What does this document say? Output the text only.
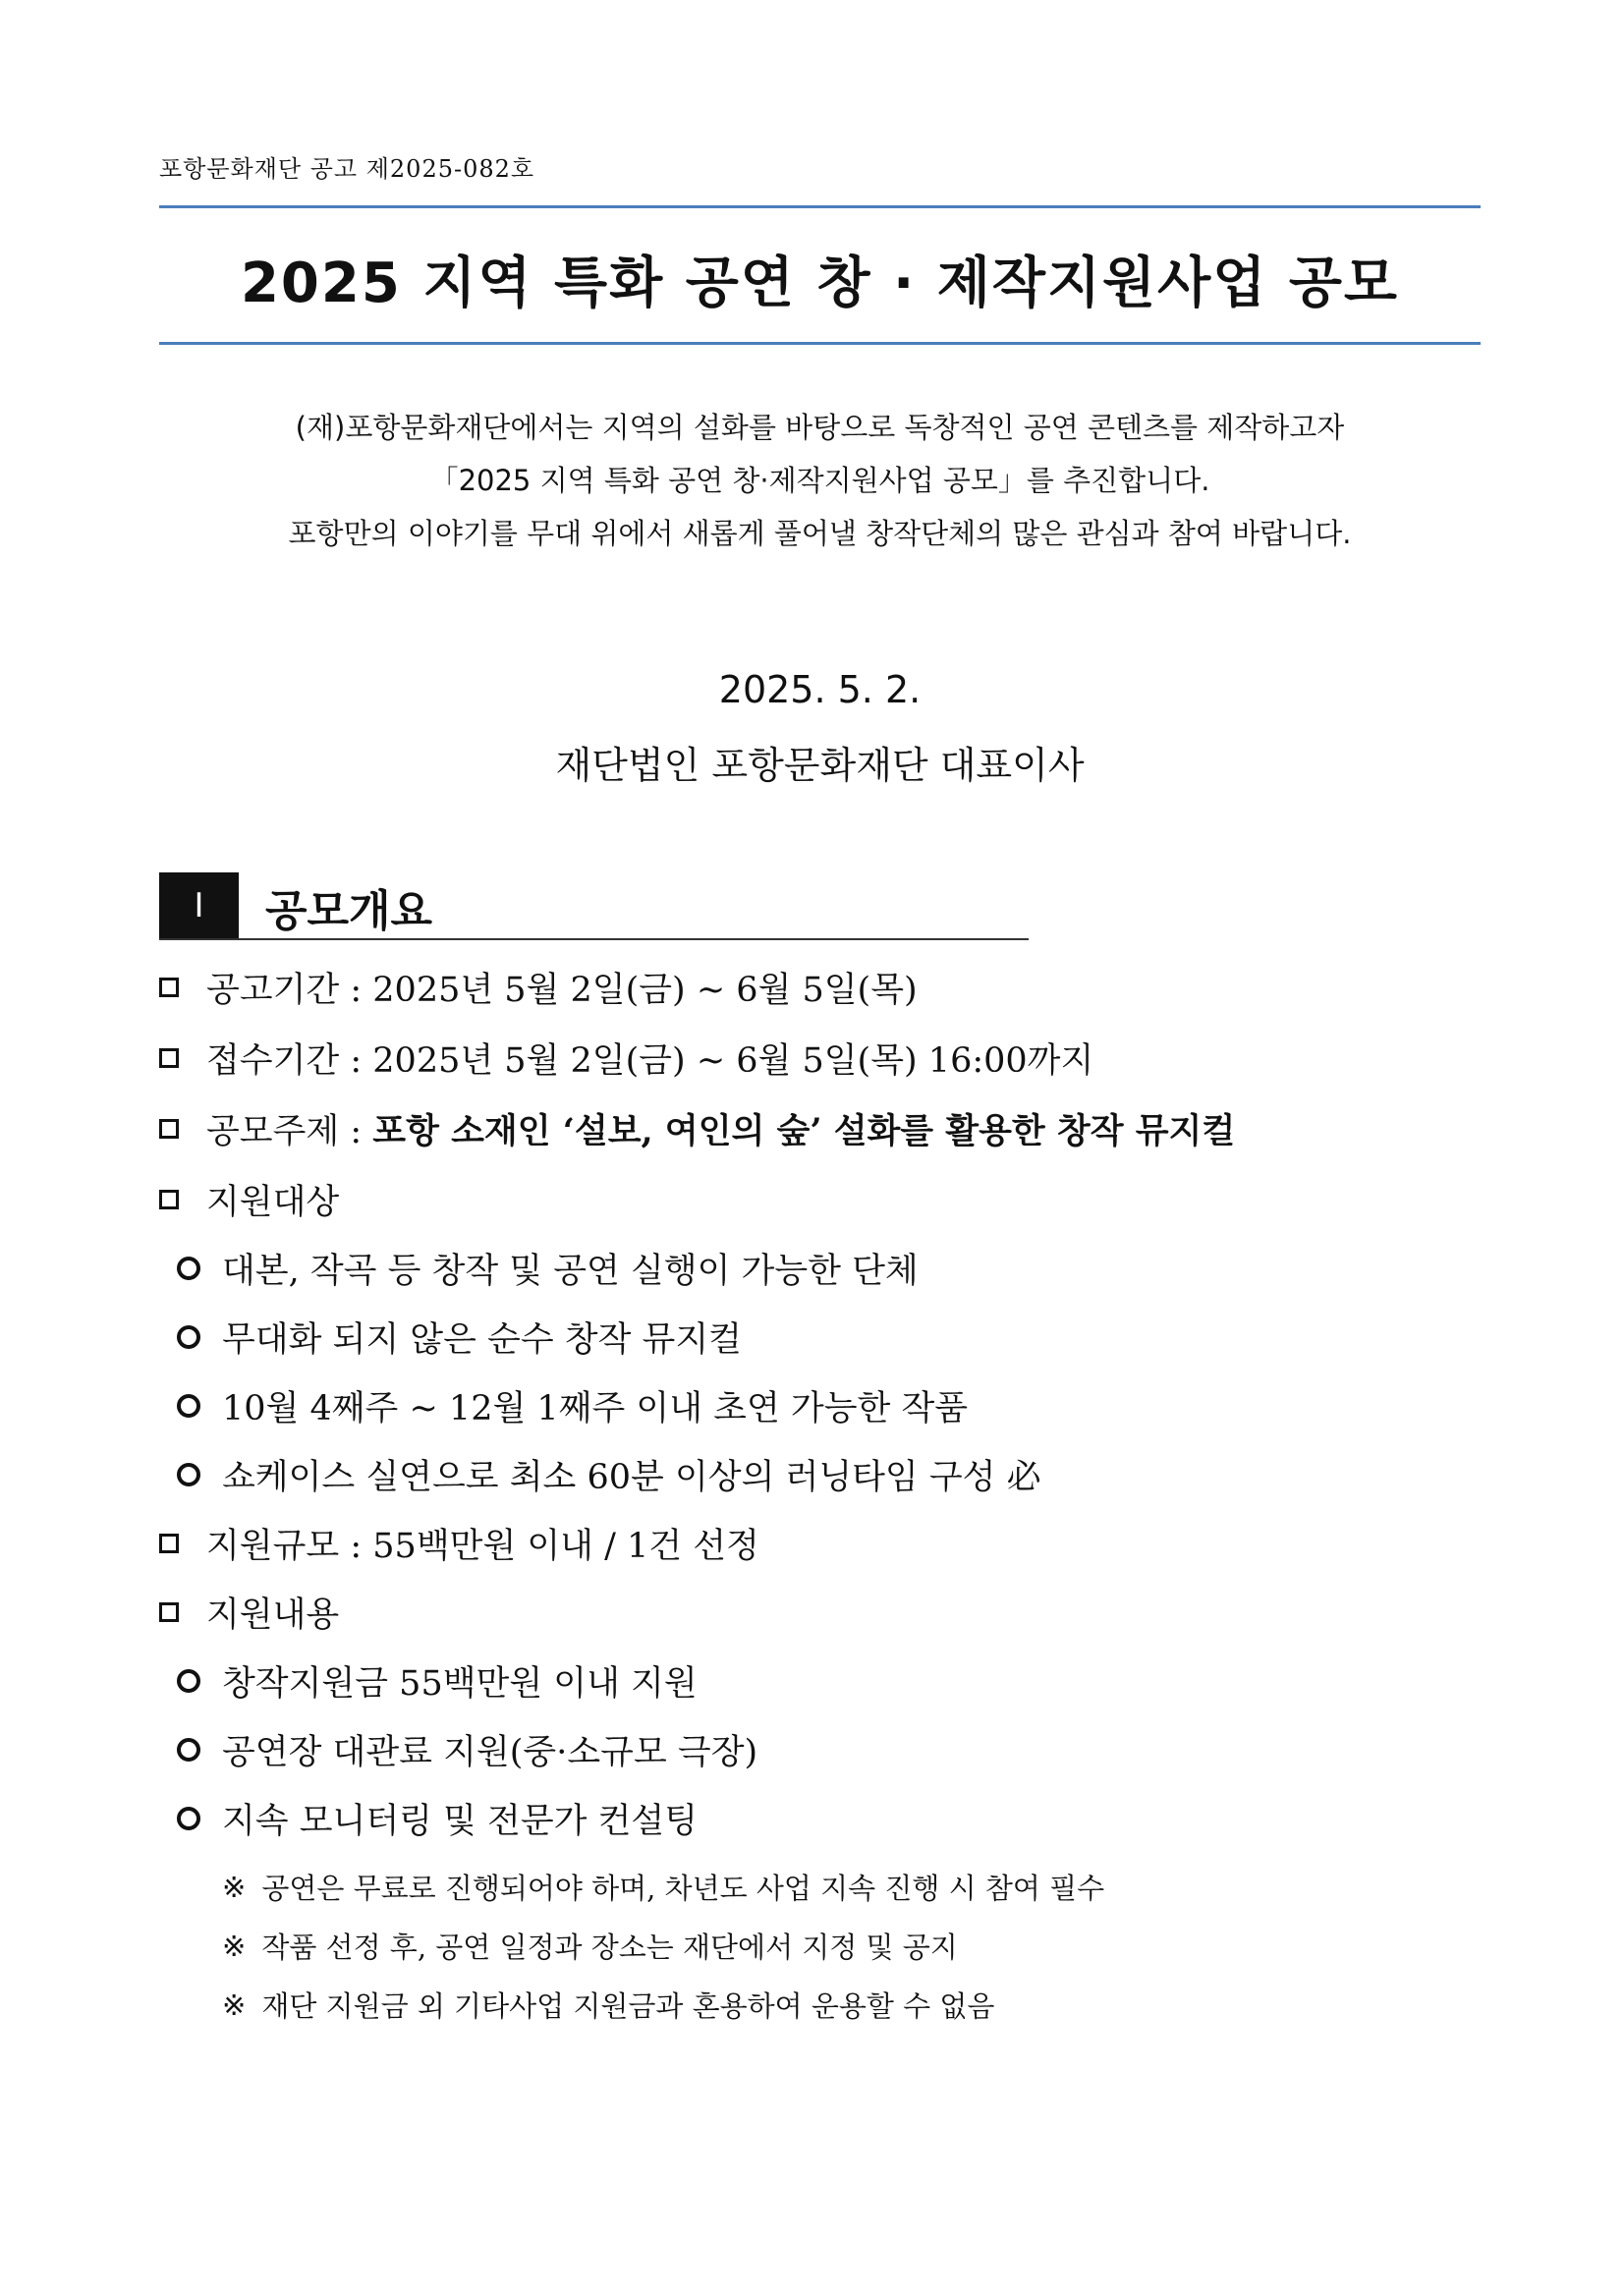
포항문화재단 공고 제2025-082호
2025 지역 특화 공연 창 · 제작지원사업 공모
(재)포항문화재단에서는 지역의 설화를 바탕으로 독창적인 공연 콘텐츠를 제작하고자
「2025 지역 특화 공연 창·제작지원사업 공모」를 추진합니다.
포항만의 이야기를 무대 위에서 새롭게 풀어낼 창작단체의 많은 관심과 참여 바랍니다.
2025. 5. 2.
재단법인 포항문화재단 대표이사
Ⅰ	공모개요
공고기간 : 2025년 5월 2일(금) ~ 6월 5일(목)
접수기간 : 2025년 5월 2일(금) ~ 6월 5일(목) 16:00까지
공모주제 : 포항 소재인 ‘설보, 여인의 숲’ 설화를 활용한 창작 뮤지컬
지원대상
대본, 작곡 등 창작 및 공연 실행이 가능한 단체
무대화 되지 않은 순수 창작 뮤지컬
10월 4째주 ~ 12월 1째주 이내 초연 가능한 작품
쇼케이스 실연으로 최소 60분 이상의 러닝타임 구성 必
지원규모 : 55백만원 이내 / 1건 선정
지원내용
창작지원금 55백만원 이내 지원
공연장 대관료 지원(중·소규모 극장)
지속 모니터링 및 전문가 컨설팅
※ 공연은 무료로 진행되어야 하며, 차년도 사업 지속 진행 시 참여 필수
※ 작품 선정 후, 공연 일정과 장소는 재단에서 지정 및 공지
※ 재단 지원금 외 기타사업 지원금과 혼용하여 운용할 수 없음
